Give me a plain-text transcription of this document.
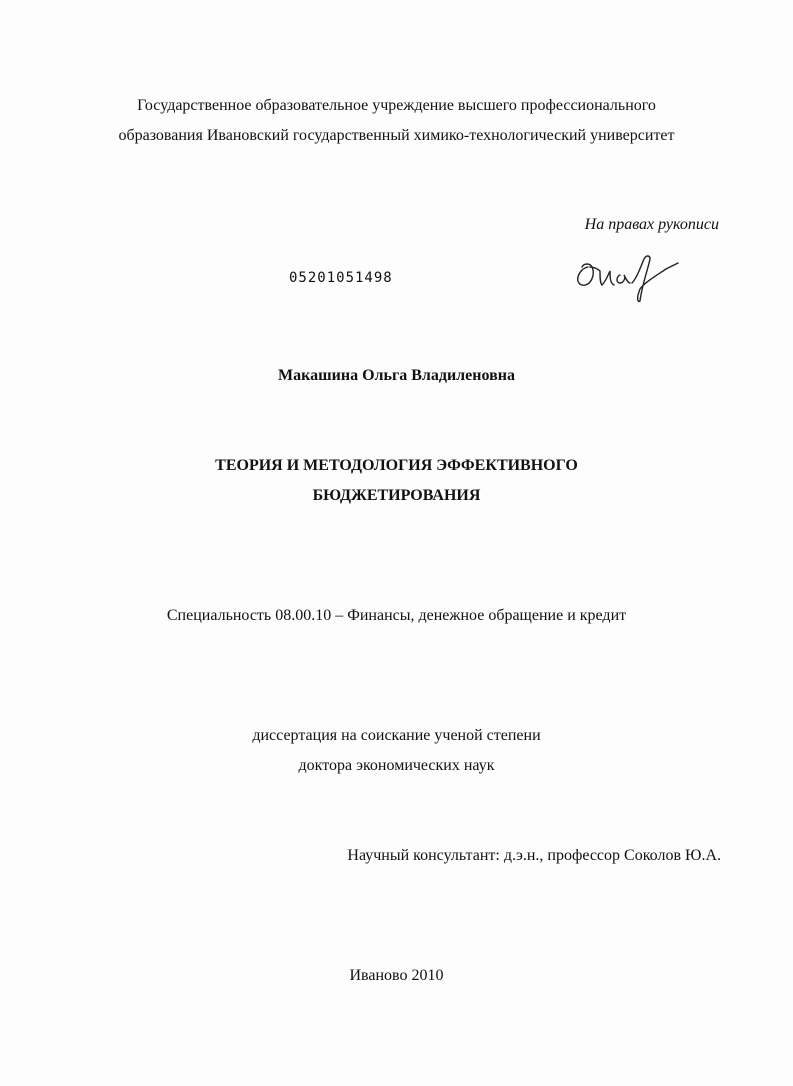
Государственное образовательное учреждение высшего профессионального
образования Ивановский государственный химико-технологический университет
На правах рукописи
05201051498
Макашина Ольга Владиленовна
ТЕОРИЯ И МЕТОДОЛОГИЯ ЭФФЕКТИВНОГО
БЮДЖЕТИРОВАНИЯ
Специальность 08.00.10 – Финансы, денежное обращение и кредит
диссертация на соискание ученой степени
доктора экономических наук
Научный консультант: д.э.н., профессор Соколов Ю.А.
Иваново 2010
